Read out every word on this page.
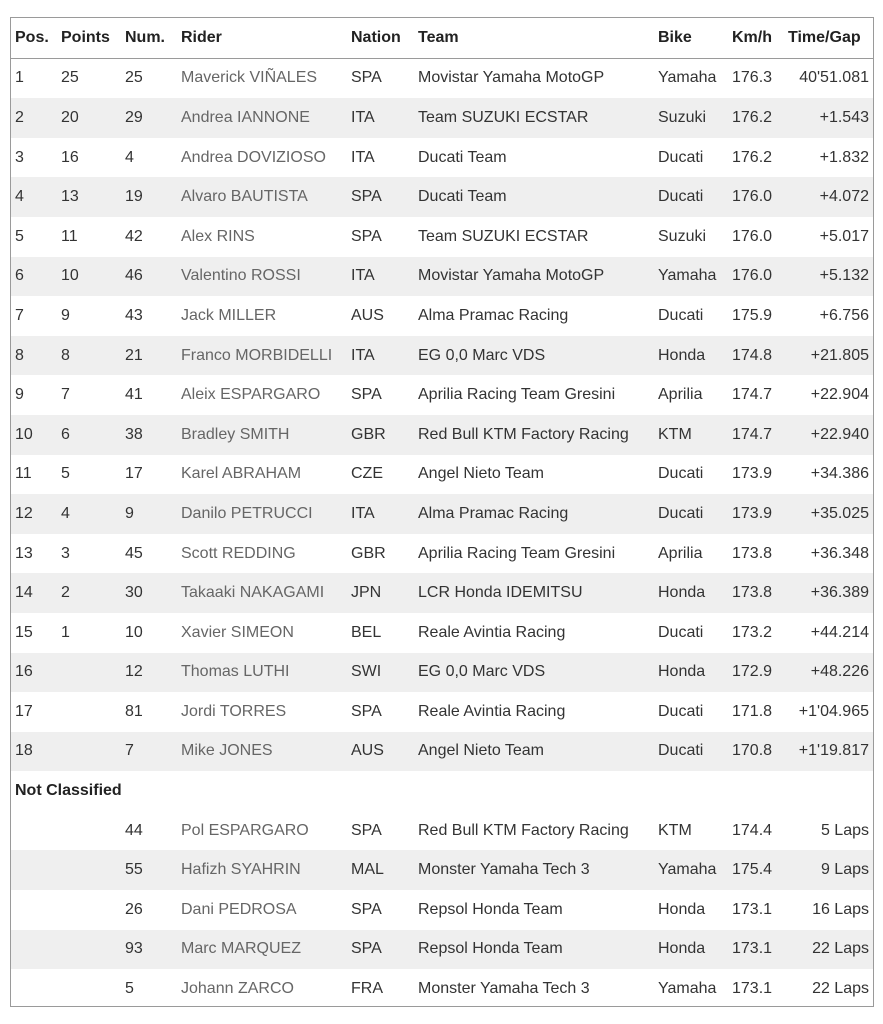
Pos.	Points	Num.	Rider	Nation	Team	Bike	Km/h	Time/Gap
1	25	25	Maverick VIÑALES	SPA	Movistar Yamaha MotoGP	Yamaha	176.3	40'51.081
2	20	29	Andrea IANNONE	ITA	Team SUZUKI ECSTAR	Suzuki	176.2	+1.543
3	16	4	Andrea DOVIZIOSO	ITA	Ducati Team	Ducati	176.2	+1.832
4	13	19	Alvaro BAUTISTA	SPA	Ducati Team	Ducati	176.0	+4.072
5	11	42	Alex RINS	SPA	Team SUZUKI ECSTAR	Suzuki	176.0	+5.017
6	10	46	Valentino ROSSI	ITA	Movistar Yamaha MotoGP	Yamaha	176.0	+5.132
7	9	43	Jack MILLER	AUS	Alma Pramac Racing	Ducati	175.9	+6.756
8	8	21	Franco MORBIDELLI	ITA	EG 0,0 Marc VDS	Honda	174.8	+21.805
9	7	41	Aleix ESPARGARO	SPA	Aprilia Racing Team Gresini	Aprilia	174.7	+22.904
10	6	38	Bradley SMITH	GBR	Red Bull KTM Factory Racing	KTM	174.7	+22.940
11	5	17	Karel ABRAHAM	CZE	Angel Nieto Team	Ducati	173.9	+34.386
12	4	9	Danilo PETRUCCI	ITA	Alma Pramac Racing	Ducati	173.9	+35.025
13	3	45	Scott REDDING	GBR	Aprilia Racing Team Gresini	Aprilia	173.8	+36.348
14	2	30	Takaaki NAKAGAMI	JPN	LCR Honda IDEMITSU	Honda	173.8	+36.389
15	1	10	Xavier SIMEON	BEL	Reale Avintia Racing	Ducati	173.2	+44.214
16		12	Thomas LUTHI	SWI	EG 0,0 Marc VDS	Honda	172.9	+48.226
17		81	Jordi TORRES	SPA	Reale Avintia Racing	Ducati	171.8	+1'04.965
18		7	Mike JONES	AUS	Angel Nieto Team	Ducati	170.8	+1'19.817
Not Classified								
		44	Pol ESPARGARO	SPA	Red Bull KTM Factory Racing	KTM	174.4	5 Laps
		55	Hafizh SYAHRIN	MAL	Monster Yamaha Tech 3	Yamaha	175.4	9 Laps
		26	Dani PEDROSA	SPA	Repsol Honda Team	Honda	173.1	16 Laps
		93	Marc MARQUEZ	SPA	Repsol Honda Team	Honda	173.1	22 Laps
		5	Johann ZARCO	FRA	Monster Yamaha Tech 3	Yamaha	173.1	22 Laps
